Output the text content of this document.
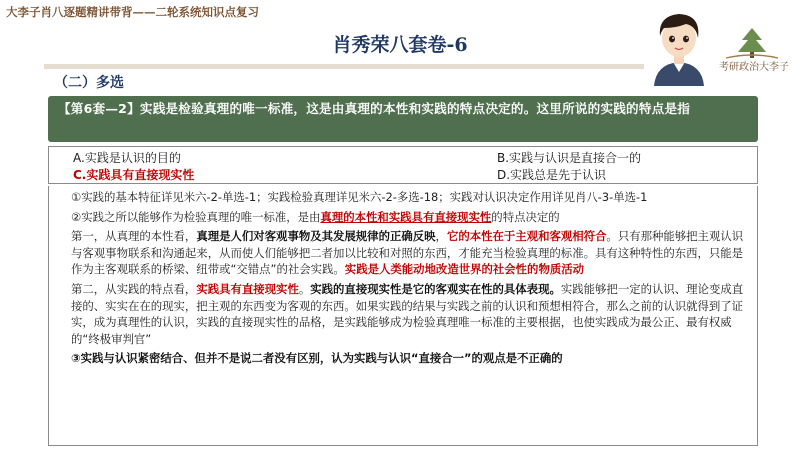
大李子肖八逐题精讲带背——二轮系统知识点复习
肖秀荣八套卷-6
考研政治大李子
（二）多选
【第6套—2】实践是检验真理的唯一标准，这是由真理的本性和实践的特点决定的。这里所说的实践的特点是指
A.实践是认识的目的	B.实践与认识是直接合一的
C.实践具有直接现实性	D.实践总是先于认识

①实践的基本特征详见米六-2-单选-1；实践检验真理详见米六-2-多选-18；实践对认识决定作用详见肖八-3-单选-1

②实践之所以能够作为检验真理的唯一标准，是由真理的本性和实践具有直接现实性的特点决定的

第一，从真理的本性看，真理是人们对客观事物及其发展规律的正确反映，它的本性在于主观和客观相符合。只有那种能够把主观认识与客观事物联系和沟通起来，从而使人们能够把二者加以比较和对照的东西，才能充当检验真理的标准。具有这种特性的东西，只能是作为主客观联系的桥梁、纽带或“交错点”的社会实践。实践是人类能动地改造世界的社会性的物质活动

第二，从实践的特点看，实践具有直接现实性。实践的直接现实性是它的客观实在性的具体表现。实践能够把一定的认识、理论变成直接的、实实在在的现实，把主观的东西变为客观的东西。如果实践的结果与实践之前的认识和预想相符合，那么之前的认识就得到了证实，成为真理性的认识，实践的直接现实性的品格，是实践能够成为检验真理唯一标准的主要根据，也使实践成为最公正、最有权威的“终极审判官”

③实践与认识紧密结合、但并不是说二者没有区别，认为实践与认识“直接合一”的观点是不正确的
